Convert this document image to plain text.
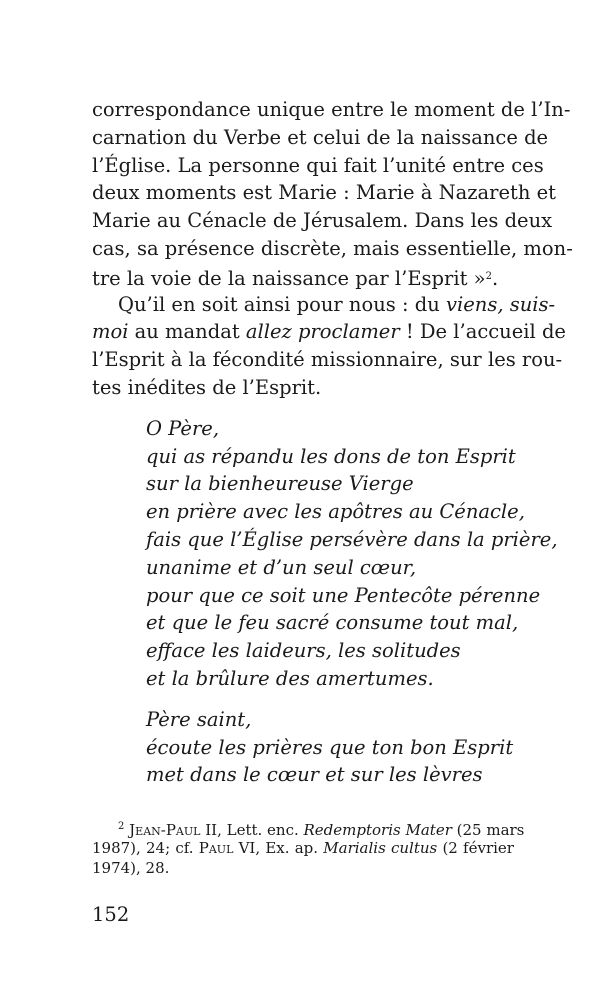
correspondance unique entre le moment de l’In-
carnation du Verbe et celui de la naissance de
l’Église. La personne qui fait l’unité entre ces
deux moments est Marie : Marie à Nazareth et
Marie au Cénacle de Jérusalem. Dans les deux
cas, sa présence discrète, mais essentielle, mon-
tre la voie de la naissance par l’Esprit »$^2$.
Qu’il en soit ainsi pour nous : du viens, suis-
moi au mandat allez proclamer ! De l’accueil de
l’Esprit à la fécondité missionnaire, sur les rou-
tes inédites de l’Esprit.
O Père,
qui as répandu les dons de ton Esprit
sur la bienheureuse Vierge
en prière avec les apôtres au Cénacle,
fais que l’Église persévère dans la prière,
unanime et d’un seul cœur,
pour que ce soit une Pentecôte pérenne
et que le feu sacré consume tout mal,
efface les laideurs, les solitudes
et la brûlure des amertumes.
Père saint,
écoute les prières que ton bon Esprit
met dans le cœur et sur les lèvres
$^2$ Jean-Paul II, Lett. enc. Redemptoris Mater (25 mars
1987), 24; cf. Paul VI, Ex. ap. Marialis cultus (2 février
1974), 28.
152
